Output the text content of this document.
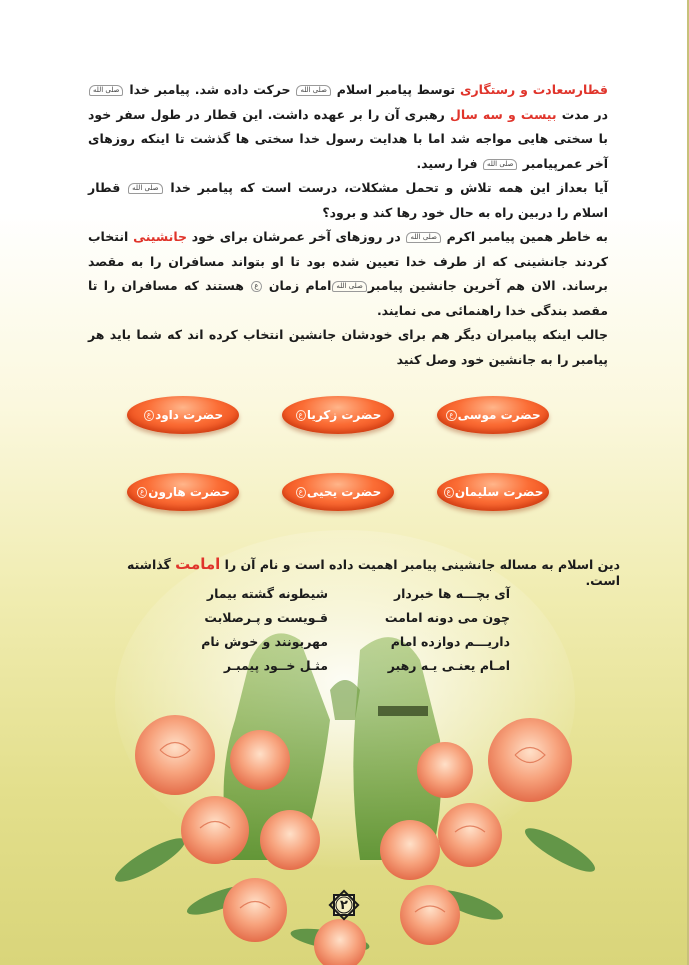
قطارسعادت و رستگاری توسط پیامبر اسلام صلی الله حرکت داده شد. پیامبر خدا صلی الله در مدت بیست و سه سال رهبری آن را بر عهده داشت. این قطار در طول سفر خود با سختی هایی مواجه شد اما با هدایت رسول خدا سختی ها گذشت تا اینکه روزهای آخر عمرپیامبر صلی الله فرا رسید.

آیا بعداز این همه تلاش و تحمل مشکلات، درست است که پیامبر خدا صلی الله قطار اسلام را دربین راه به حال خود رها کند و برود؟

به خاطر همین پیامبر اکرم صلی الله در روزهای آخر عمرشان برای خود جانشینی انتخاب کردند جانشینی که از طرف خدا تعیین شده بود تا او بتواند مسافران را به مقصد برساند. الان هم آخرین جانشین پیامبرصلی اللهامام زمان ع هستند که مسافران را تا مقصد بندگی خدا راهنمائی می نمایند.

جالب اینکه پیامبران دیگر هم برای خودشان جانشین انتخاب کرده اند که شما باید هر پیامبر را به جانشین خود وصل کنید

حضرت موسی
ع
حضرت زکریا
ع
حضرت داود
ع
حضرت سلیمان
ع
حضرت یحیی
ع
حضرت هارون
ع
دین اسلام به مساله جانشینی پیامبر اهمیت داده است و نام آن را امامت گذاشته است.
آی بچـــه ها خبردار
چون می دونه امامت
داریـــم دوازده امام
امـام یعنـی یـه رهبر
شیطونه گشته بیمار
قـویست و پـرصلابت
مهربونند و خوش نام
مثـل خــود پیمبـر
۲
